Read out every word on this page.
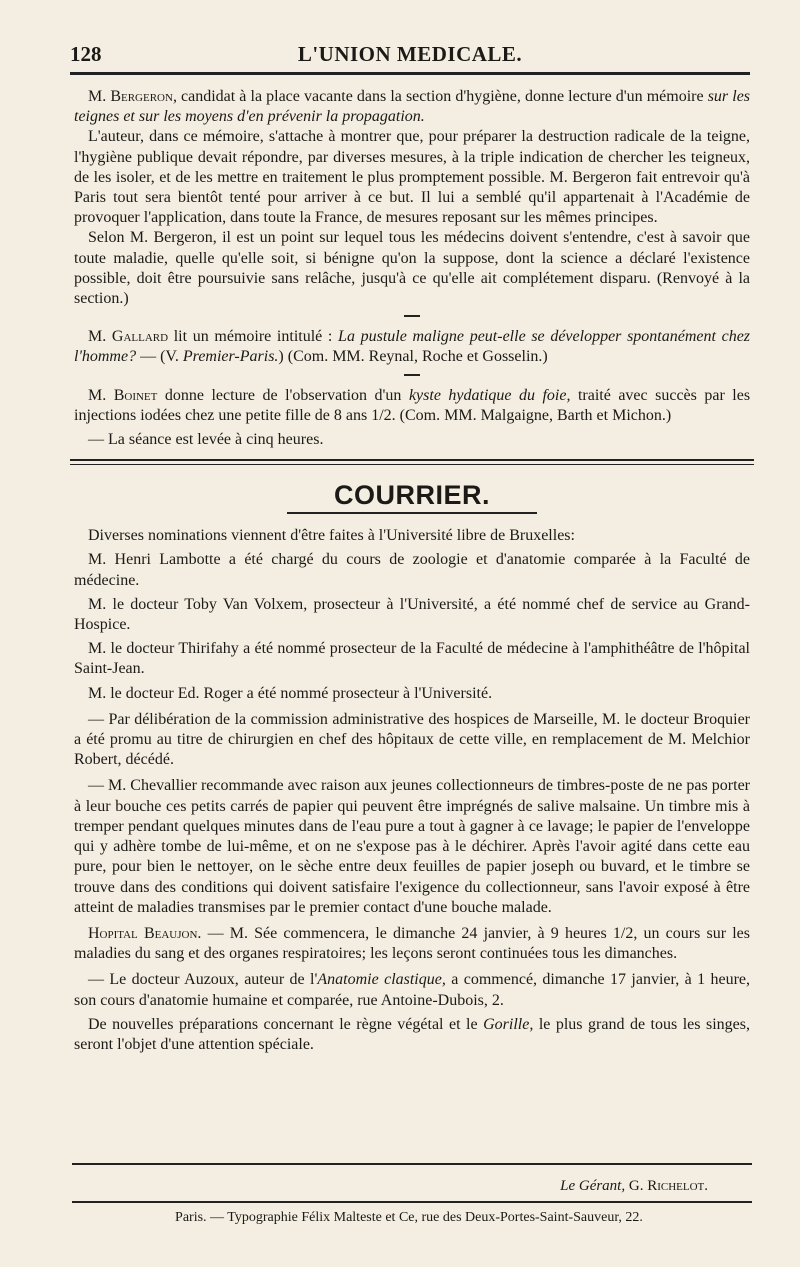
128	L'UNION MEDICALE.

M. Bergeron, candidat à la place vacante dans la section d'hygiène, donne lecture d'un mémoire sur les teignes et sur les moyens d'en prévenir la propagation.

L'auteur, dans ce mémoire, s'attache à montrer que, pour préparer la destruction radicale de la teigne, l'hygiène publique devait répondre, par diverses mesures, à la triple indication de chercher les teigneux, de les isoler, et de les mettre en traitement le plus promptement possible. M. Bergeron fait entrevoir qu'à Paris tout sera bientôt tenté pour arriver à ce but. Il lui a semblé qu'il appartenait à l'Académie de provoquer l'application, dans toute la France, de mesures reposant sur les mêmes principes.

Selon M. Bergeron, il est un point sur lequel tous les médecins doivent s'entendre, c'est à savoir que toute maladie, quelle qu'elle soit, si bénigne qu'on la suppose, dont la science a déclaré l'existence possible, doit être poursuivie sans relâche, jusqu'à ce qu'elle ait complétement disparu. (Renvoyé à la section.)

M. Gallard lit un mémoire intitulé : La pustule maligne peut-elle se développer spontanément chez l'homme? — (V. Premier-Paris.) (Com. MM. Reynal, Roche et Gosselin.)

M. Boinet donne lecture de l'observation d'un kyste hydatique du foie, traité avec succès par les injections iodées chez une petite fille de 8 ans 1/2. (Com. MM. Malgaigne, Barth et Michon.)

— La séance est levée à cinq heures.

COURRIER.

Diverses nominations viennent d'être faites à l'Université libre de Bruxelles:

M. Henri Lambotte a été chargé du cours de zoologie et d'anatomie comparée à la Faculté de médecine.

M. le docteur Toby Van Volxem, prosecteur à l'Université, a été nommé chef de service au Grand-Hospice.

M. le docteur Thirifahy a été nommé prosecteur de la Faculté de médecine à l'amphithéâtre de l'hôpital Saint-Jean.

M. le docteur Ed. Roger a été nommé prosecteur à l'Université.

— Par délibération de la commission administrative des hospices de Marseille, M. le docteur Broquier a été promu au titre de chirurgien en chef des hôpitaux de cette ville, en remplacement de M. Melchior Robert, décédé.

— M. Chevallier recommande avec raison aux jeunes collectionneurs de timbres-poste de ne pas porter à leur bouche ces petits carrés de papier qui peuvent être imprégnés de salive malsaine. Un timbre mis à tremper pendant quelques minutes dans de l'eau pure a tout à gagner à ce lavage; le papier de l'enveloppe qui y adhère tombe de lui-même, et on ne s'expose pas à le déchirer. Après l'avoir agité dans cette eau pure, pour bien le nettoyer, on le sèche entre deux feuilles de papier joseph ou buvard, et le timbre se trouve dans des conditions qui doivent satisfaire l'exigence du collectionneur, sans l'avoir exposé à être atteint de maladies transmises par le premier contact d'une bouche malade.

Hopital Beaujon. — M. Sée commencera, le dimanche 24 janvier, à 9 heures 1/2, un cours sur les maladies du sang et des organes respiratoires; les leçons seront continuées tous les dimanches.

— Le docteur Auzoux, auteur de l'Anatomie clastique, a commencé, dimanche 17 janvier, à 1 heure, son cours d'anatomie humaine et comparée, rue Antoine-Dubois, 2.

De nouvelles préparations concernant le règne végétal et le Gorille, le plus grand de tous les singes, seront l'objet d'une attention spéciale.

Le Gérant, G. Richelot.
Paris. — Typographie Félix Malteste et Ce, rue des Deux-Portes-Saint-Sauveur, 22.
